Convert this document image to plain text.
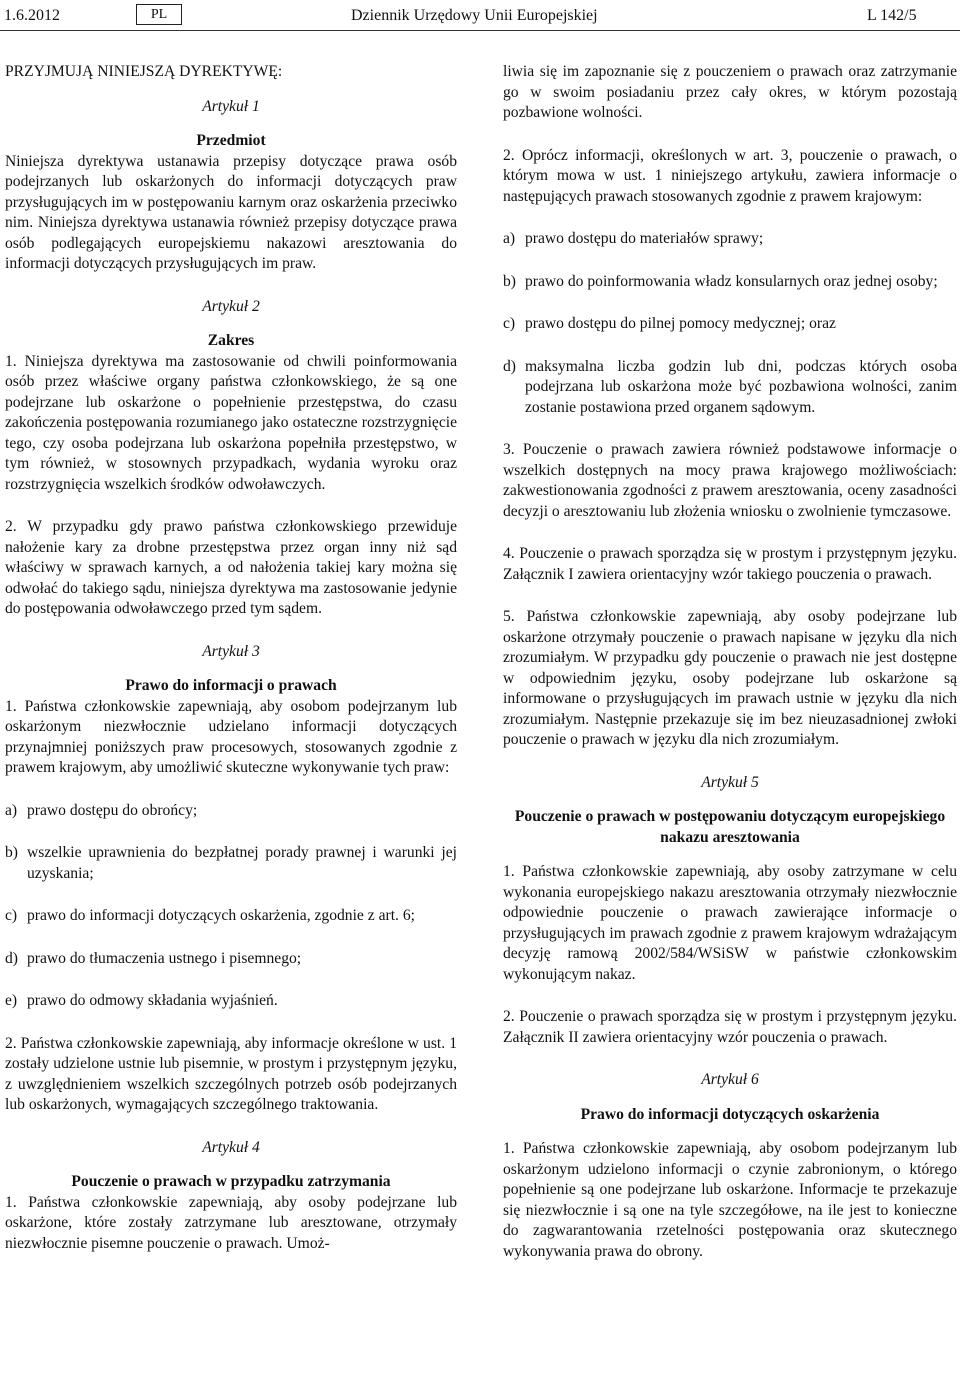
1.6.2012	PL	Dziennik Urzędowy Unii Europejskiej	L 142/5

PRZYJMUJĄ NINIEJSZĄ DYREKTYWĘ:

Artykuł 1

Przedmiot

Niniejsza dyrektywa ustanawia przepisy dotyczące prawa osób podejrzanych lub oskarżonych do informacji dotyczących praw przysługujących im w postępowaniu karnym oraz oskarżenia przeciwko nim. Niniejsza dyrektywa ustanawia również przepisy dotyczące prawa osób podlegających europejskiemu nakazowi aresztowania do informacji dotyczących przysługujących im praw.

Artykuł 2

Zakres

1. Niniejsza dyrektywa ma zastosowanie od chwili poinformowania osób przez właściwe organy państwa członkowskiego, że są one podejrzane lub oskarżone o popełnienie przestępstwa, do czasu zakończenia postępowania rozumianego jako ostateczne rozstrzygnięcie tego, czy osoba podejrzana lub oskarżona popełniła przestępstwo, w tym również, w stosownych przypadkach, wydania wyroku oraz rozstrzygnięcia wszelkich środków odwoławczych.

2. W przypadku gdy prawo państwa członkowskiego przewiduje nałożenie kary za drobne przestępstwa przez organ inny niż sąd właściwy w sprawach karnych, a od nałożenia takiej kary można się odwołać do takiego sądu, niniejsza dyrektywa ma zastosowanie jedynie do postępowania odwoławczego przed tym sądem.

Artykuł 3

Prawo do informacji o prawach

1. Państwa członkowskie zapewniają, aby osobom podejrzanym lub oskarżonym niezwłocznie udzielano informacji dotyczących przynajmniej poniższych praw procesowych, stosowanych zgodnie z prawem krajowym, aby umożliwić skuteczne wykonywanie tych praw:

a) prawo dostępu do obrońcy;
b) wszelkie uprawnienia do bezpłatnej porady prawnej i warunki jej uzyskania;
c) prawo do informacji dotyczących oskarżenia, zgodnie z art. 6;
d) prawo do tłumaczenia ustnego i pisemnego;
e) prawo do odmowy składania wyjaśnień.

2. Państwa członkowskie zapewniają, aby informacje określone w ust. 1 zostały udzielone ustnie lub pisemnie, w prostym i przystępnym języku, z uwzględnieniem wszelkich szczególnych potrzeb osób podejrzanych lub oskarżonych, wymagających szczególnego traktowania.

Artykuł 4

Pouczenie o prawach w przypadku zatrzymania

1. Państwa członkowskie zapewniają, aby osoby podejrzane lub oskarżone, które zostały zatrzymane lub aresztowane, otrzymały niezwłocznie pisemne pouczenie o prawach. Umoż-

liwia się im zapoznanie się z pouczeniem o prawach oraz zatrzymanie go w swoim posiadaniu przez cały okres, w którym pozostają pozbawione wolności.

2. Oprócz informacji, określonych w art. 3, pouczenie o prawach, o którym mowa w ust. 1 niniejszego artykułu, zawiera informacje o następujących prawach stosowanych zgodnie z prawem krajowym:

a) prawo dostępu do materiałów sprawy;
b) prawo do poinformowania władz konsularnych oraz jednej osoby;
c) prawo dostępu do pilnej pomocy medycznej; oraz
d) maksymalna liczba godzin lub dni, podczas których osoba podejrzana lub oskarżona może być pozbawiona wolności, zanim zostanie postawiona przed organem sądowym.

3. Pouczenie o prawach zawiera również podstawowe informacje o wszelkich dostępnych na mocy prawa krajowego możliwościach: zakwestionowania zgodności z prawem aresztowania, oceny zasadności decyzji o aresztowaniu lub złożenia wniosku o zwolnienie tymczasowe.

4. Pouczenie o prawach sporządza się w prostym i przystępnym języku. Załącznik I zawiera orientacyjny wzór takiego pouczenia o prawach.

5. Państwa członkowskie zapewniają, aby osoby podejrzane lub oskarżone otrzymały pouczenie o prawach napisane w języku dla nich zrozumiałym. W przypadku gdy pouczenie o prawach nie jest dostępne w odpowiednim języku, osoby podejrzane lub oskarżone są informowane o przysługujących im prawach ustnie w języku dla nich zrozumiałym. Następnie przekazuje się im bez nieuzasadnionej zwłoki pouczenie o prawach w języku dla nich zrozumiałym.

Artykuł 5

Pouczenie o prawach w postępowaniu dotyczącym europejskiego nakazu aresztowania

1. Państwa członkowskie zapewniają, aby osoby zatrzymane w celu wykonania europejskiego nakazu aresztowania otrzymały niezwłocznie odpowiednie pouczenie o prawach zawierające informacje o przysługujących im prawach zgodnie z prawem krajowym wdrażającym decyzję ramową 2002/584/WSiSW w państwie członkowskim wykonującym nakaz.

2. Pouczenie o prawach sporządza się w prostym i przystępnym języku. Załącznik II zawiera orientacyjny wzór pouczenia o prawach.

Artykuł 6

Prawo do informacji dotyczących oskarżenia

1. Państwa członkowskie zapewniają, aby osobom podejrzanym lub oskarżonym udzielono informacji o czynie zabronionym, o którego popełnienie są one podejrzane lub oskarżone. Informacje te przekazuje się niezwłocznie i są one na tyle szczegółowe, na ile jest to konieczne do zagwarantowania rzetelności postępowania oraz skutecznego wykonywania prawa do obrony.
